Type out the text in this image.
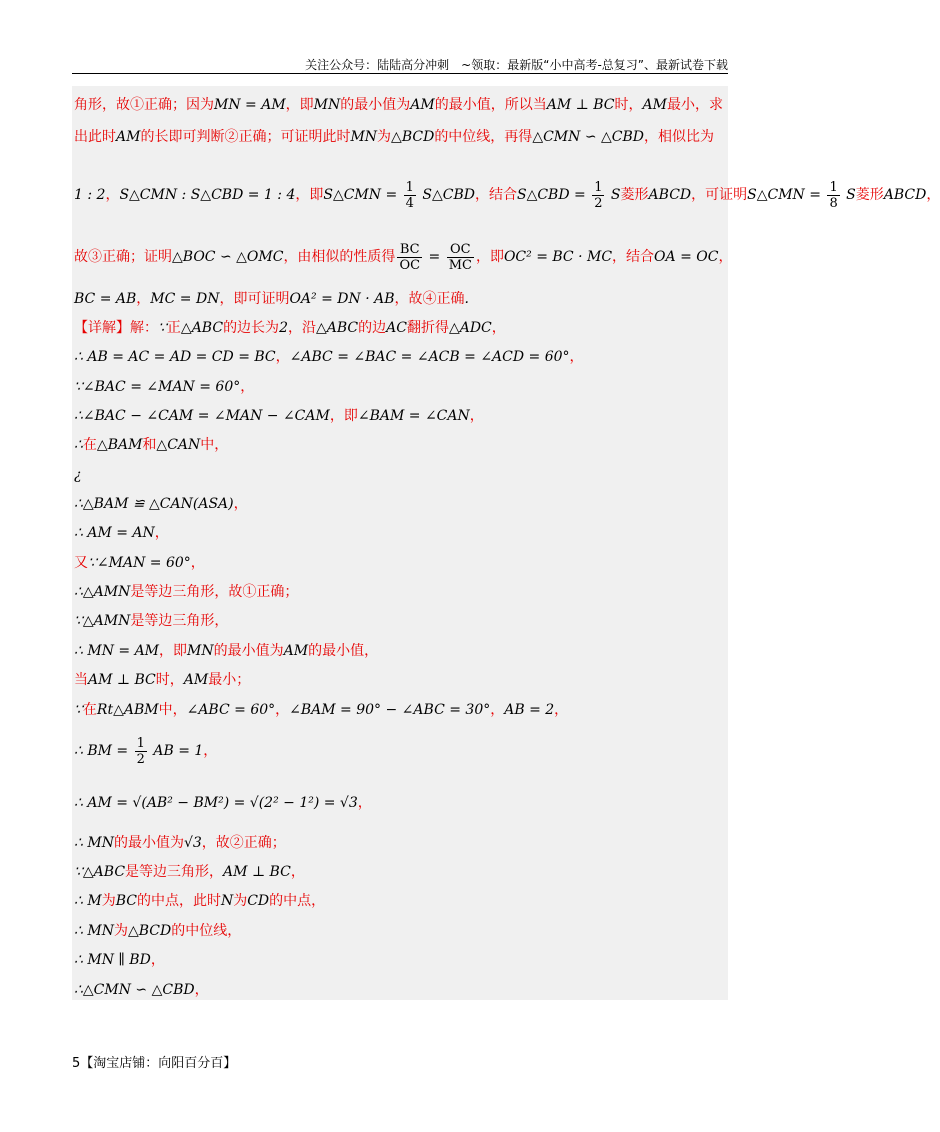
关注公众号：陆陆高分冲刺　~领取：最新版“小中高考-总复习”、最新试卷下载
角形，故①正确；因为MN = AM，即MN的最小值为AM的最小值，所以当AM ⊥ BC时，AM最小，求
出此时AM的长即可判断②正确；可证明此时MN为△BCD的中位线，再得△CMN ∽ △CBD，相似比为
1 : 2，S△CMN : S△CBD = 1 : 4，即S△CMN = $\frac{1}{4}$ S△CBD，结合S△CBD = $\frac{1}{2}$ S菱形ABCD，可证明S△CMN = $\frac{1}{8}$ S菱形ABCD，
故③正确；证明△BOC ∽ △OMC，由相似的性质得 $\frac{BC}{OC} = \frac{OC}{MC}$ ，即OC² = BC · MC，结合OA = OC，
BC = AB，MC = DN，即可证明OA² = DN · AB，故④正确.
【详解】解：∵正△ABC的边长为2，沿△ABC的边AC翻折得△ADC，
∴ AB = AC = AD = CD = BC，∠ABC = ∠BAC = ∠ACB = ∠ACD = 60°，
∵∠BAC = ∠MAN = 60°，
∴∠BAC − ∠CAM = ∠MAN − ∠CAM，即∠BAM = ∠CAN，
∴在△BAM和△CAN中，
¿
∴△BAM ≌ △CAN(ASA)，
∴ AM = AN，
又∵∠MAN = 60°，
∴△AMN是等边三角形，故①正确；
∵△AMN是等边三角形，
∴ MN = AM，即MN的最小值为AM的最小值，
当AM ⊥ BC时，AM最小；
∵在Rt△ABM中，∠ABC = 60°，∠BAM = 90° − ∠ABC = 30°，AB = 2，
∴ BM = $\frac{1}{2}$ AB = 1，
∴ AM = √(AB² − BM²) = √(2² − 1²) = √3，
∴ MN的最小值为√3，故②正确；
∵△ABC是等边三角形，AM ⊥ BC，
∴ M为BC的中点，此时N为CD的中点，
∴ MN为△BCD的中位线，
∴ MN ∥ BD，
∴△CMN ∽ △CBD，
5【淘宝店铺：向阳百分百】
